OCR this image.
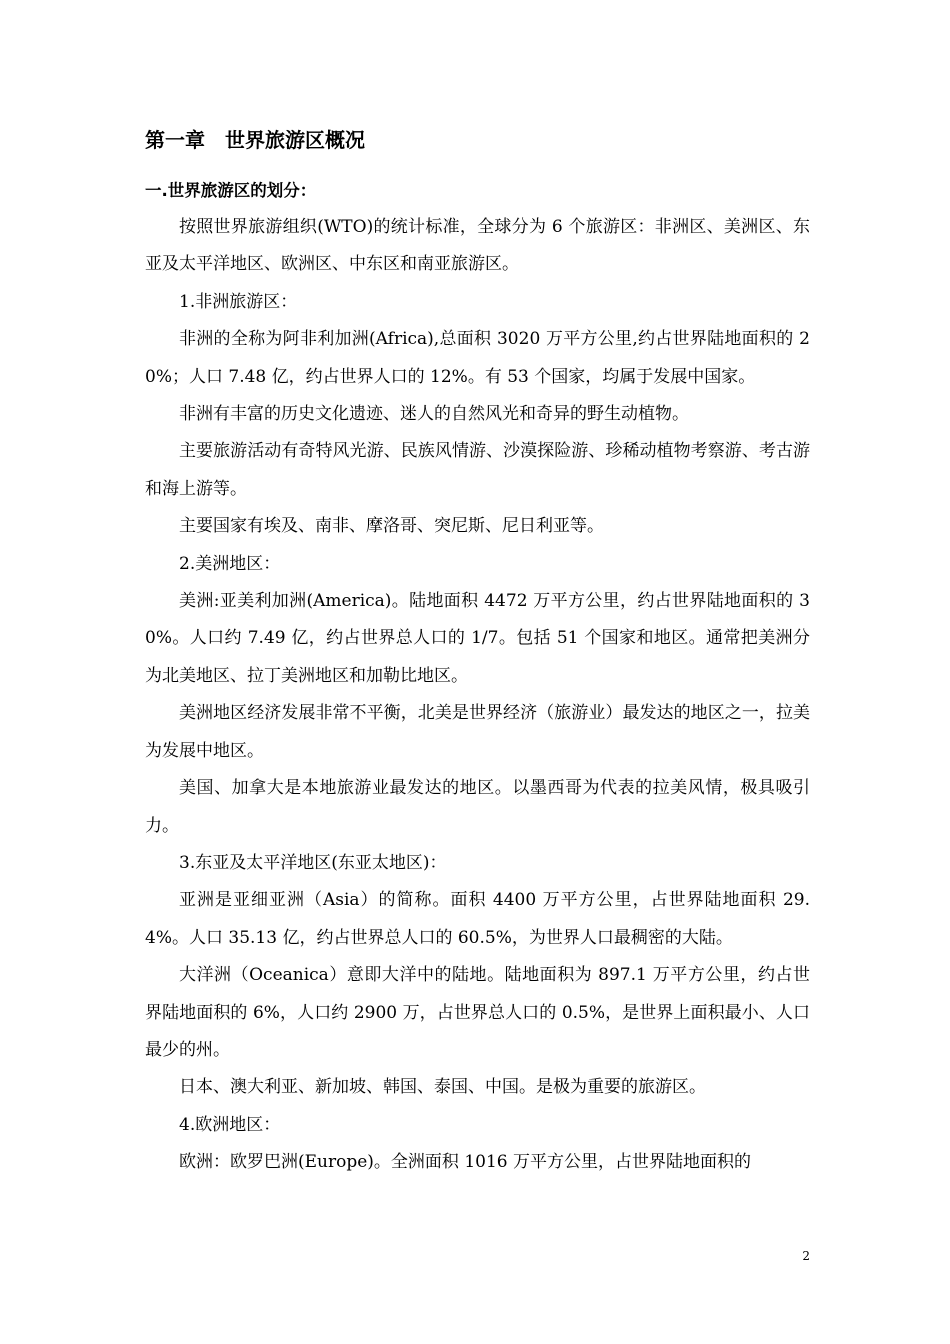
第一章　世界旅游区概况
一.世界旅游区的划分：

按照世界旅游组织(WTO)的统计标准，全球分为 6 个旅游区：非洲区、美洲区、东亚及太平洋地区、欧洲区、中东区和南亚旅游区。

1.非洲旅游区：

非洲的全称为阿非利加洲(Africa),总面积 3020 万平方公里,约占世界陆地面积的 20%；人口 7.48 亿，约占世界人口的 12%。有 53 个国家，均属于发展中国家。

非洲有丰富的历史文化遗迹、迷人的自然风光和奇异的野生动植物。

主要旅游活动有奇特风光游、民族风情游、沙漠探险游、珍稀动植物考察游、考古游和海上游等。

主要国家有埃及、南非、摩洛哥、突尼斯、尼日利亚等。

2.美洲地区：

美洲:亚美利加洲(America)。陆地面积 4472 万平方公里，约占世界陆地面积的 30%。人口约 7.49 亿，约占世界总人口的 1/7。包括 51 个国家和地区。通常把美洲分为北美地区、拉丁美洲地区和加勒比地区。

美洲地区经济发展非常不平衡，北美是世界经济（旅游业）最发达的地区之一，拉美为发展中地区。

美国、加拿大是本地旅游业最发达的地区。以墨西哥为代表的拉美风情，极具吸引力。

3.东亚及太平洋地区(东亚太地区)：

亚洲是亚细亚洲（Asia）的简称。面积 4400 万平方公里，占世界陆地面积 29.4%。人口 35.13 亿，约占世界总人口的 60.5%，为世界人口最稠密的大陆。

大洋洲（Oceanica）意即大洋中的陆地。陆地面积为 897.1 万平方公里，约占世界陆地面积的 6%，人口约 2900 万，占世界总人口的 0.5%，是世界上面积最小、人口最少的州。

日本、澳大利亚、新加坡、韩国、泰国、中国。是极为重要的旅游区。

4.欧洲地区：

欧洲：欧罗巴洲(Europe)。全洲面积 1016 万平方公里，占世界陆地面积的

2
